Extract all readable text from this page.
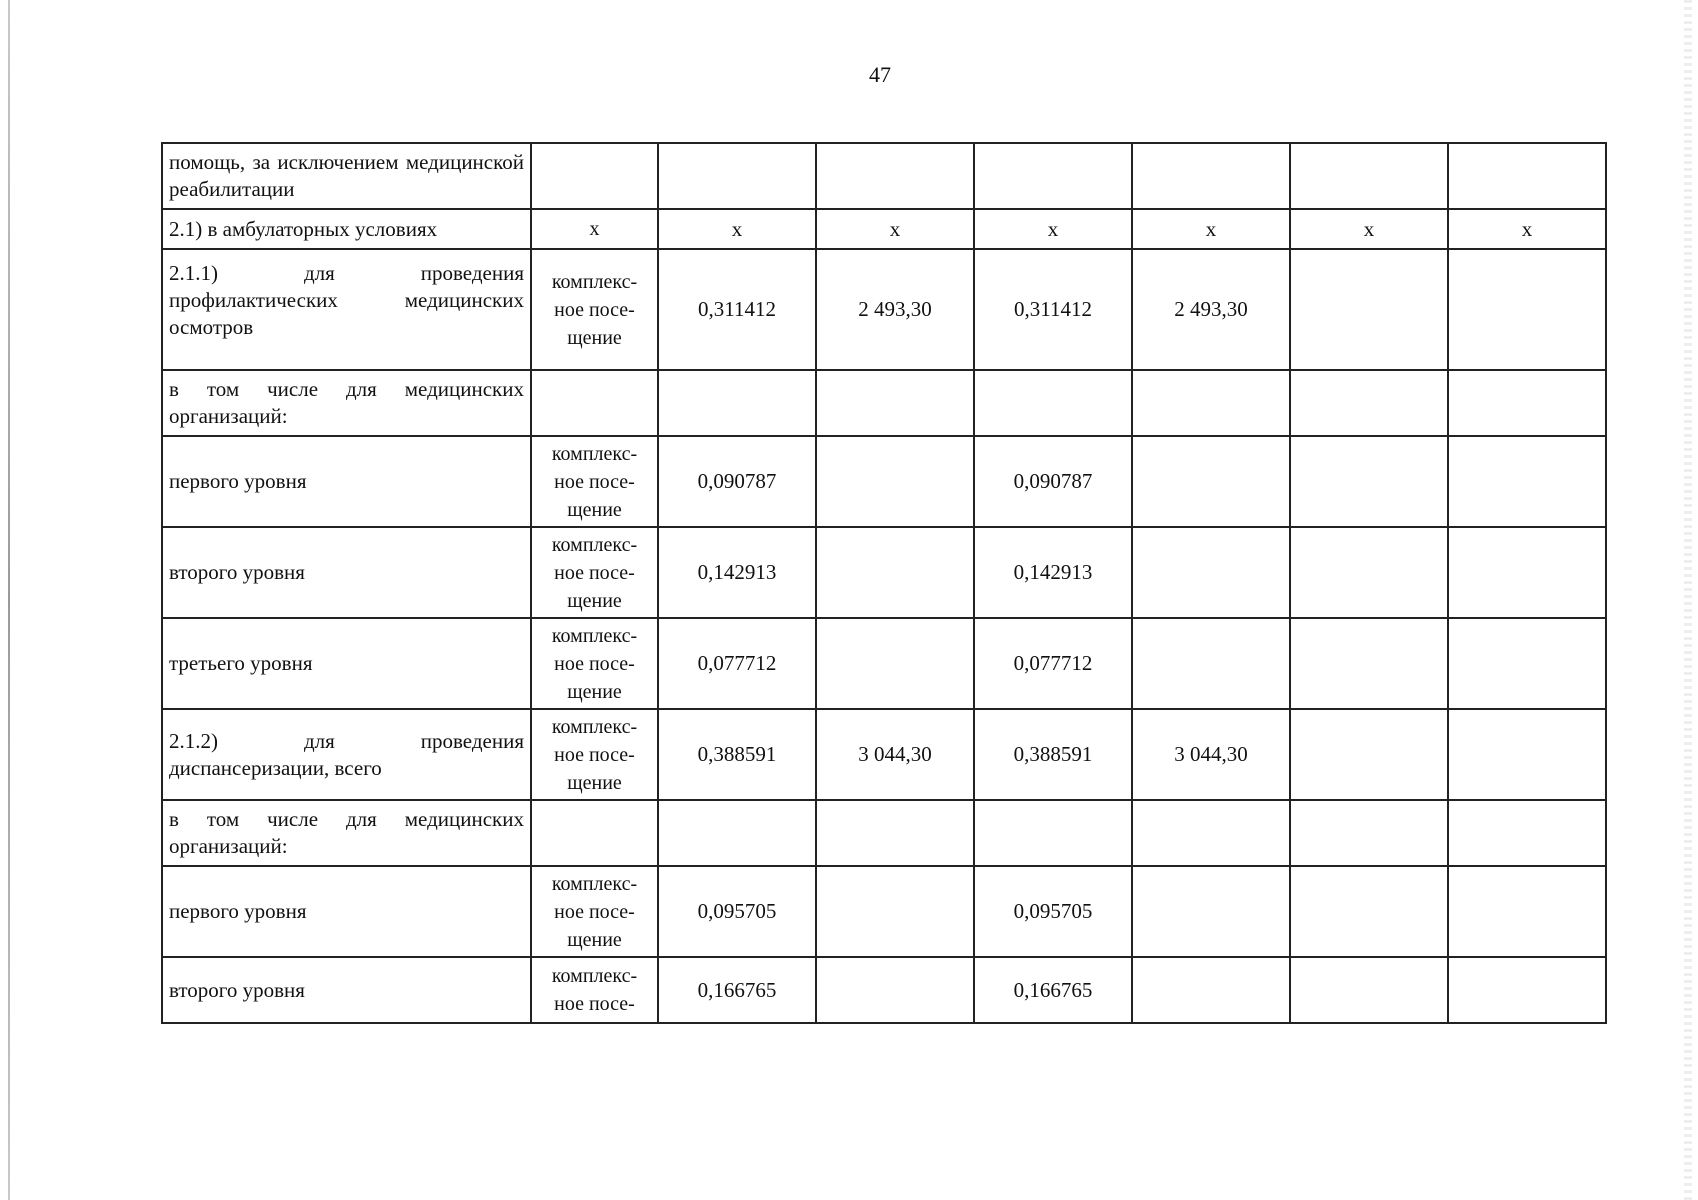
47
помощь, за исключением медицинской реабилитации							
2.1) в амбулаторных условиях	х	х	х	х	х	х	х
2.1.1) для проведения профилактических медицинских осмотров	комплекс-ное посе-щение	0,311412	2 493,30	0,311412	2 493,30		
в том числе для медицинских организаций:							
первого уровня	комплекс-ное посе-щение	0,090787		0,090787			
второго уровня	комплекс-ное посе-щение	0,142913		0,142913			
третьего уровня	комплекс-ное посе-щение	0,077712		0,077712			
2.1.2) для проведения диспансеризации, всего	комплекс-ное посе-щение	0,388591	3 044,30	0,388591	3 044,30		
в том числе для медицинских организаций:							
первого уровня	комплекс-ное посе-щение	0,095705		0,095705			
второго уровня	комплекс-ное посе-	0,166765		0,166765			
